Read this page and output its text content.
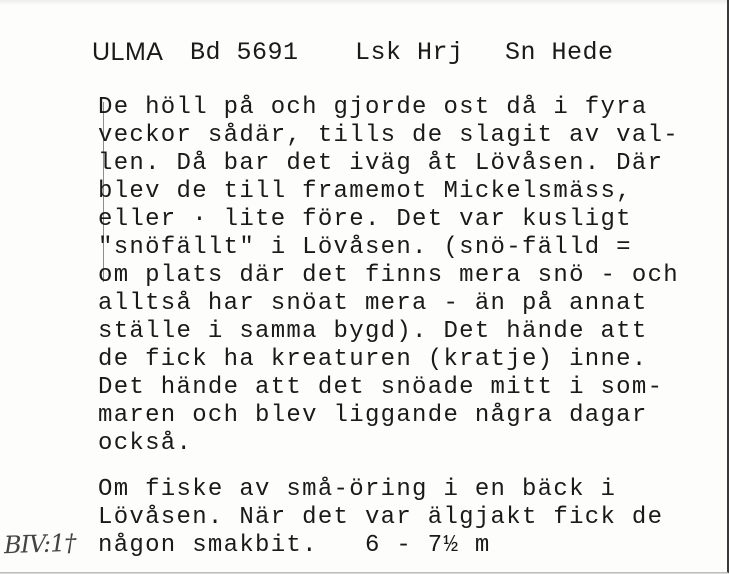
ULMA Bd 5691 Lsk Hrj Sn Hede
De höll på och gjorde ost då i fyra
veckor sådär, tills de slagit av val-
len. Då bar det iväg åt Lövåsen. Där
blev de till framemot Mickelsmäss,
eller · lite före. Det var kusligt
"snöfällt" i Lövåsen. (snö-fälld =
om plats där det finns mera snö - och
alltså har snöat mera - än på annat
ställe i samma bygd). Det hände att
de fick ha kreaturen (kratje) inne.
Det hände att det snöade mitt i som-
maren och blev liggande några dagar
också.
Om fiske av små-öring i en bäck i
Lövåsen. När det var älgjakt fick de
någon smakbit.   6 - 7½ m
BIV:1†
